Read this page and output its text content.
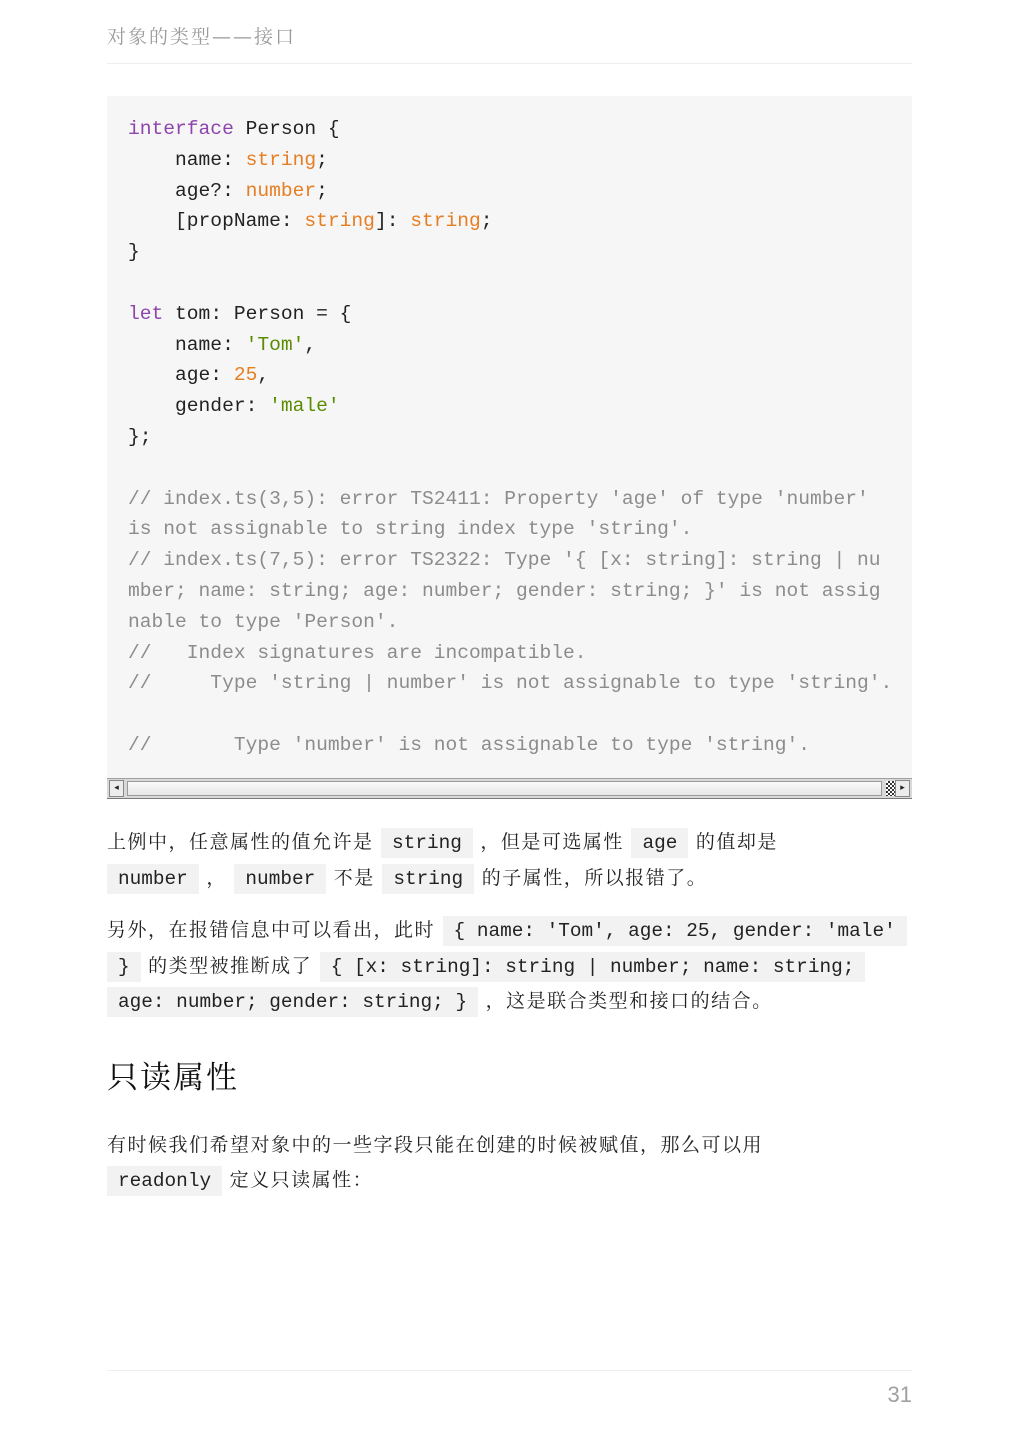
对象的类型——接口
interface Person {
name: string;
age?: number;
[propName: string]: string;
}
let tom: Person = {
name: 'Tom',
age: 25,
gender: 'male'
};
// index.ts(3,5): error TS2411: Property 'age' of type 'number'
is not assignable to string index type 'string'.
// index.ts(7,5): error TS2322: Type '{ [x: string]: string | nu
mber; name: string; age: number; gender: string; }' is not assig
nable to type 'Person'.
//   Index signatures are incompatible.
//     Type 'string | number' is not assignable to type 'string'.
//       Type 'number' is not assignable to type 'string'.
◂	▸

上例中，任意属性的值允许是 string ，但是可选属性 age 的值却是
number ， number 不是 string 的子属性，所以报错了。

另外，在报错信息中可以看出，此时 { name: 'Tom', age: 25, gender: 'male' } 的类型被推断成了 { [x: string]: string | number; name: string; age: number; gender: string; } ，这是联合类型和接口的结合。

只读属性

有时候我们希望对象中的一些字段只能在创建的时候被赋值，那么可以用
readonly 定义只读属性：

31
